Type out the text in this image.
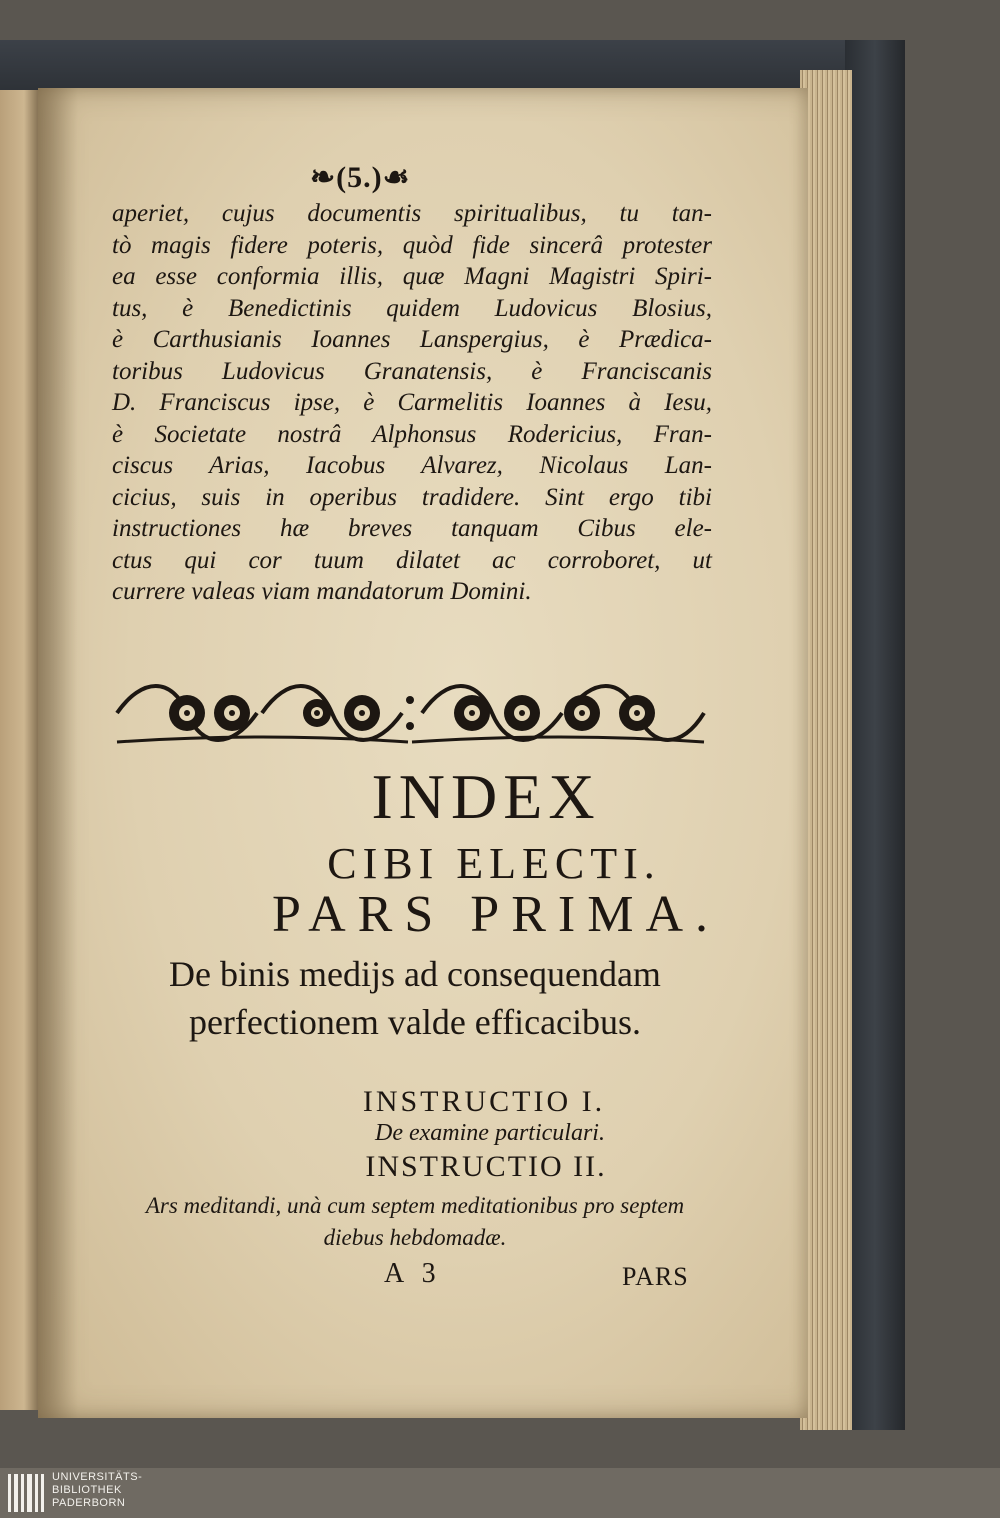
❧(5.)☙
aperiet, cujus documentis spiritualibus, tu tan-
tò magis fidere poteris, quòd fide sincerâ protester
ea esse conformia illis, quæ Magni Magistri Spiri-
tus, è Benedictinis quidem Ludovicus Blosius,
è Carthusianis Ioannes Lanspergius, è Prædica-
toribus Ludovicus Granatensis, è Franciscanis
D. Franciscus ipse, è Carmelitis Ioannes à Iesu,
è Societate nostrâ Alphonsus Rodericius, Fran-
ciscus Arias, Iacobus Alvarez, Nicolaus Lan-
cicius, suis in operibus tradidere. Sint ergo tibi
instructiones hæ breves tanquam Cibus ele-
ctus qui cor tuum dilatet ac corroboret, ut
currere valeas viam mandatorum Domini.
INDEX
CIBI ELECTI.
PARS PRIMA.
De binis medijs ad consequendam perfectionem valde efficacibus.
INSTRUCTIO I.
De examine particulari.
INSTRUCTIO II.
Ars meditandi, unà cum septem meditationibus pro septem diebus hebdomadæ.
A 3	PARS
UNIVERSITÄTS-
BIBLIOTHEK
PADERBORN
